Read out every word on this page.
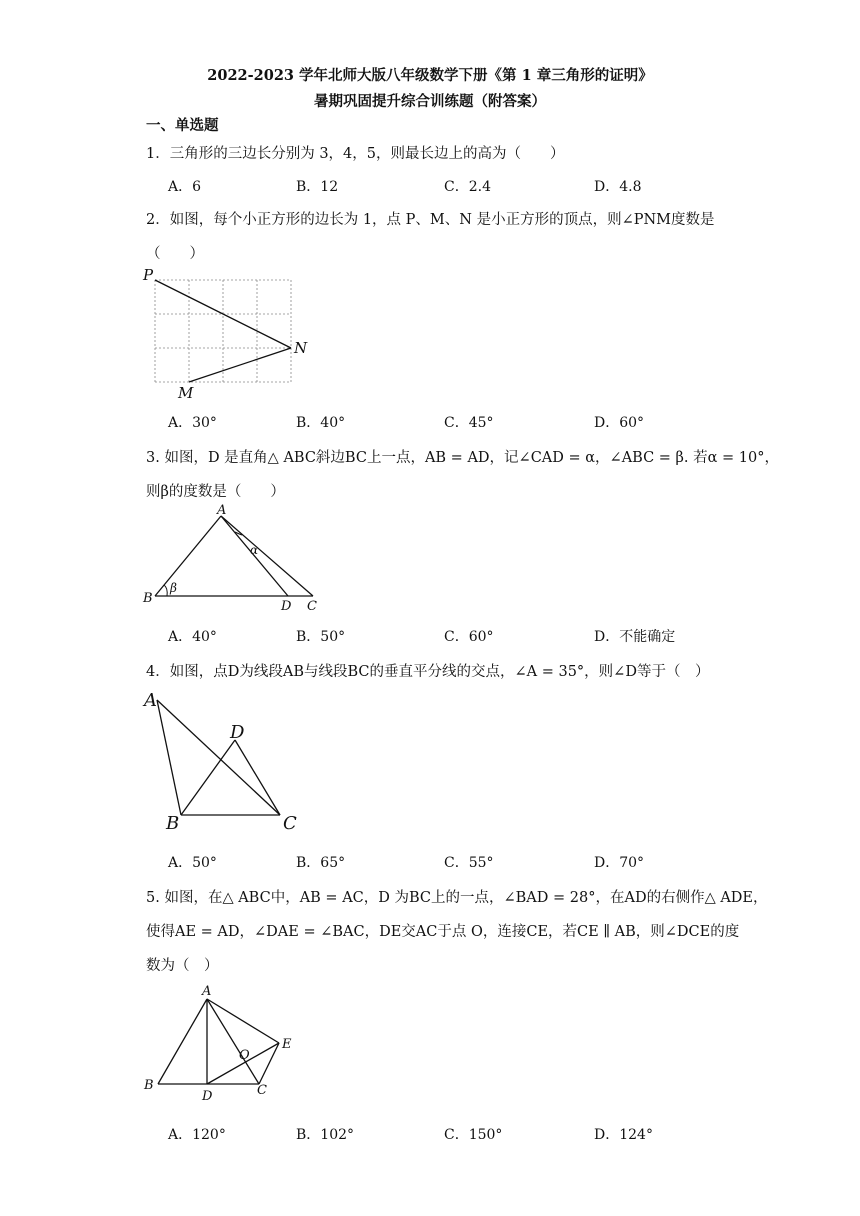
2022-2023 学年北师大版八年级数学下册《第 1 章三角形的证明》
暑期巩固提升综合训练题（附答案）
一、单选题
1．三角形的三边长分别为 3，4，5，则最长边上的高为（　　）
A．6	B．12	C．2.4	D．4.8
2．如图，每个小正方形的边长为 1，点 P、M、N 是小正方形的顶点，则∠PNM度数是
（　　）
P
N
M
A．30°	B．40°	C．45°	D．60°
3. 如图，D 是直角△ ABC斜边BC上一点，AB = AD，记∠CAD = α，∠ABC = β. 若α = 10°，
则β的度数是（　　）
A
B
D C
α
β
A．40°	B．50°	C．60°	D．不能确定
4．如图，点D为线段AB与线段BC的垂直平分线的交点，∠A = 35°，则∠D等于（　）
A
D
B	C
A．50°	B．65°	C．55°	D．70°
5. 如图，在△ ABC中，AB = AC，D 为BC上的一点，∠BAD = 28°，在AD的右侧作△ ADE，
使得AE = AD，∠DAE = ∠BAC，DE交AC于点 O，连接CE，若CE ∥ AB，则∠DCE的度
数为（　）
A
B
D	C
E
O
A．120°	B．102°	C．150°	D．124°
